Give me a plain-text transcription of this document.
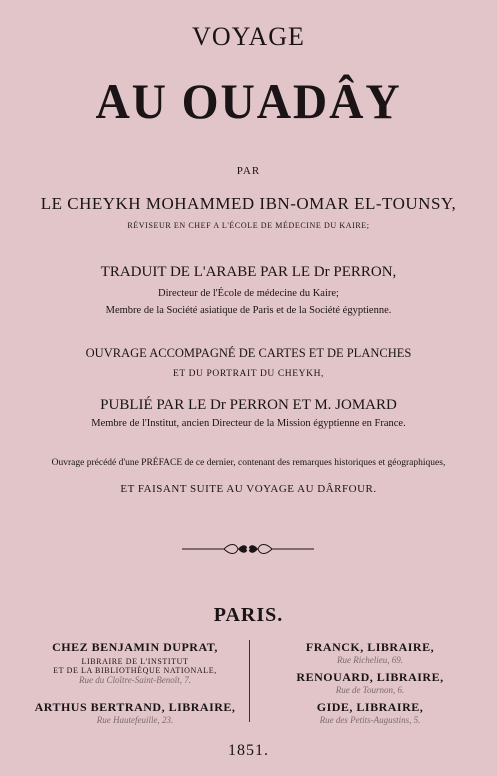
VOYAGE
AU OUADÂY
PAR
LE CHEYKH MOHAMMED IBN-OMAR EL-TOUNSY,
RÉVISEUR EN CHEF A L'ÉCOLE DE MÉDECINE DU KAIRE;
TRADUIT DE L'ARABE PAR LE Dr PERRON,
Directeur de l'École de médecine du Kaire;
Membre de la Société asiatique de Paris et de la Société égyptienne.
OUVRAGE ACCOMPAGNÉ DE CARTES ET DE PLANCHES
ET DU PORTRAIT DU CHEYKH,
PUBLIÉ PAR LE Dr PERRON ET M. JOMARD
Membre de l'Institut, ancien Directeur de la Mission égyptienne en France.
Ouvrage précédé d'une PRÉFACE de ce dernier, contenant des remarques historiques et géographiques,
ET FAISANT SUITE AU VOYAGE AU DÂRFOUR.
PARIS.
CHEZ BENJAMIN DUPRAT,
LIBRAIRE DE L'INSTITUT
ET DE LA BIBLIOTHÈQUE NATIONALE,
Rue du Cloître-Saint-Benoît, 7.
ARTHUS BERTRAND, LIBRAIRE,
Rue Hautefeuille, 23.
FRANCK, LIBRAIRE,
Rue Richelieu, 69.
RENOUARD, LIBRAIRE,
Rue de Tournon, 6.
GIDE, LIBRAIRE,
Rue des Petits-Augustins, 5.
1851.
